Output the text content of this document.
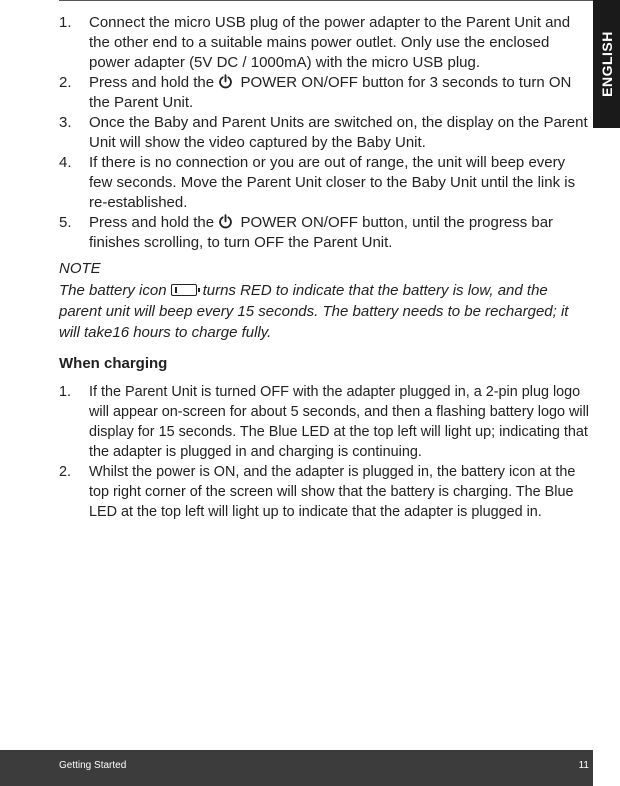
ENGLISH
1. Connect the micro USB plug of the power adapter to the Parent Unit and the other end to a suitable mains power outlet. Only use the enclosed power adapter (5V DC / 1000mA) with the micro USB plug.
2. Press and hold the POWER ON/OFF button for 3 seconds to turn ON the Parent Unit.
3. Once the Baby and Parent Units are switched on, the display on the Parent Unit will show the video captured by the Baby Unit.
4. If there is no connection or you are out of range, the unit will beep every few seconds. Move the Parent Unit closer to the Baby Unit until the link is re-established.
5. Press and hold the POWER ON/OFF button, until the progress bar finishes scrolling, to turn OFF the Parent Unit.
NOTE
The battery icon turns RED to indicate that the battery is low, and the parent unit will beep every 15 seconds. The battery needs to be recharged; it will take16 hours to charge fully.
When charging
1. If the Parent Unit is turned OFF with the adapter plugged in, a 2-pin plug logo will appear on-screen for about 5 seconds, and then a flashing battery logo will display for 15 seconds. The Blue LED at the top left will light up; indicating that the adapter is plugged in and charging is continuing.
2. Whilst the power is ON, and the adapter is plugged in, the battery icon at the top right corner of the screen will show that the battery is charging. The Blue LED at the top left will light up to indicate that the adapter is plugged in.
Getting Started	11
